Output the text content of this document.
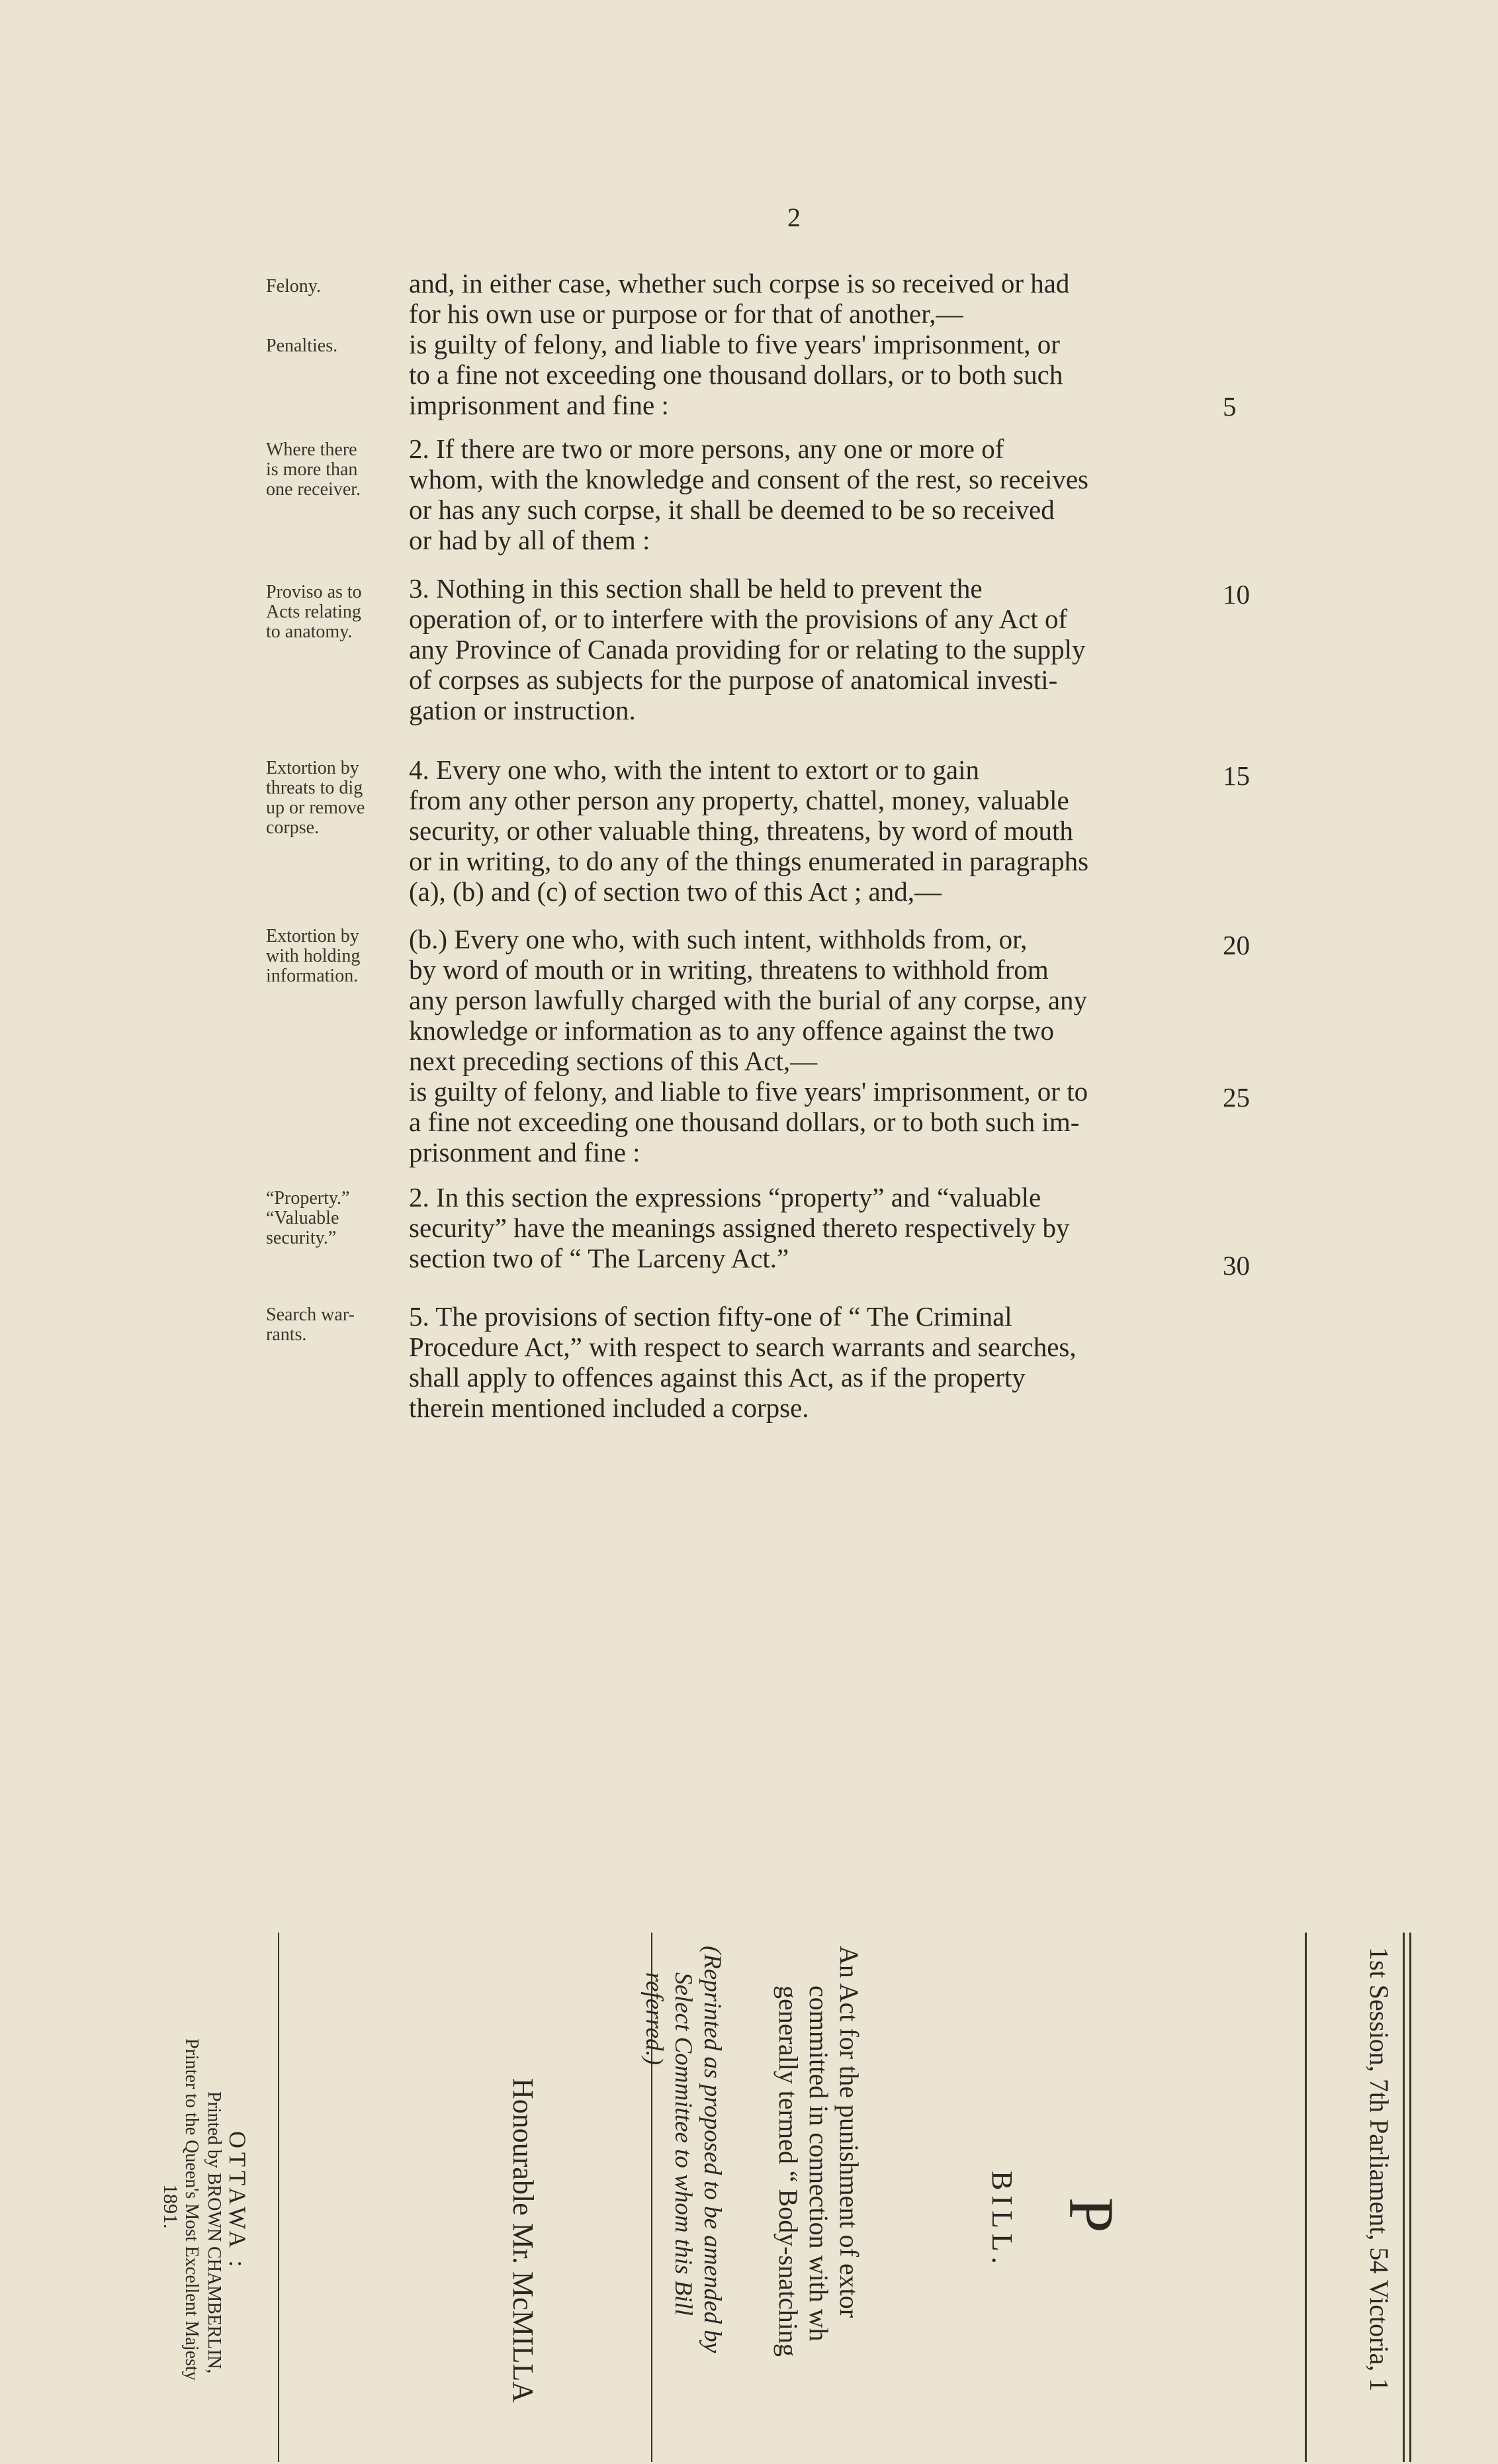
2
Felony.
Penalties.

and, in either case, whether such corpse is so received or had

for his own use or purpose or for that of another,—

is guilty of felony, and liable to five years' imprisonment, or

to a fine not exceeding one thousand dollars, or to both such

imprisonment and fine :	5
Where there
is more than
one receiver.

2. If there are two or more persons, any one or more of

whom, with the knowledge and consent of the rest, so receives

or has any such corpse, it shall be deemed to be so received

or had by all of them :

Proviso as to
Acts relating
to anatomy.

3. Nothing in this section shall be held to prevent the

operation of, or to interfere with the provisions of any Act of

any Province of Canada providing for or relating to the supply

of corpses as subjects for the purpose of anatomical investi-

gation or instruction.

10
Extortion by
threats to dig
up or remove
corpse.

4. Every one who, with the intent to extort or to gain

from any other person any property, chattel, money, valuable

security, or other valuable thing, threatens, by word of mouth

or in writing, to do any of the things enumerated in paragraphs

(a), (b) and (c) of section two of this Act ; and,—

15
Extortion by
with holding
information.

(b.) Every one who, with such intent, withholds from, or,

by word of mouth or in writing, threatens to withhold from

any person lawfully charged with the burial of any corpse, any

knowledge or information as to any offence against the two

next preceding sections of this Act,—

is guilty of felony, and liable to five years' imprisonment, or to

a fine not exceeding one thousand dollars, or to both such im-

prisonment and fine :

20
25
“Property.”
“Valuable
security.”

2. In this section the expressions “property” and “valuable

security” have the meanings assigned thereto respectively by

section two of “ The Larceny Act.”	30
Search war-
rants.

5. The provisions of section fifty-one of “ The Criminal

Procedure Act,” with respect to search warrants and searches,

shall apply to offences against this Act, as if the property

therein mentioned included a corpse.

1st Session, 7th Parliament, 54 Victoria, 1
P
BILL.
An Act for the punishment of extor
committed in connection with wh
generally termed “ Body-snatching
(Reprinted as proposed to be amended by
Select Committee to whom this Bill
referred.)
Honourable Mr. McMILLA
OTTAWA :
Printed by BROWN CHAMBERLIN,
Printer to the Queen's Most Excellent Majesty
1891.
